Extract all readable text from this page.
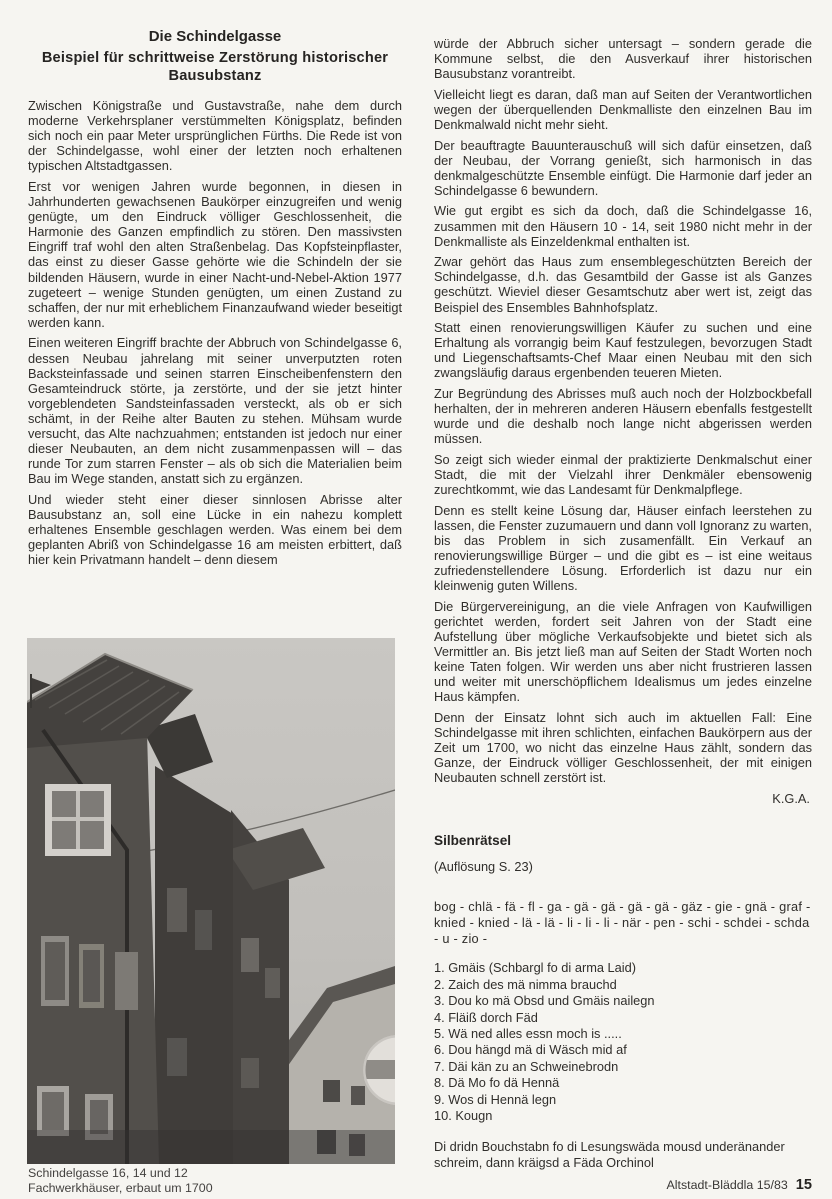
Die Schindelgasse
Beispiel für schrittweise Zerstörung historischer Bausubstanz

Zwischen Königstraße und Gustavstraße, nahe dem durch moderne Verkehrsplaner verstümmelten Königsplatz, befinden sich noch ein paar Meter ursprünglichen Fürths. Die Rede ist von der Schindelgasse, wohl einer der letzten noch erhaltenen typischen Altstadtgassen.

Erst vor wenigen Jahren wurde begonnen, in diesen in Jahrhunderten gewachsenen Baukörper einzugreifen und wenig genügte, um den Eindruck völliger Geschlossenheit, die Harmonie des Ganzen empfindlich zu stören. Den massivsten Eingriff traf wohl den alten Straßenbelag. Das Kopfsteinpflaster, das einst zu dieser Gasse gehörte wie die Schindeln der sie bildenden Häusern, wurde in einer Nacht-und-Nebel-Aktion 1977 zugeteert – wenige Stunden genügten, um einen Zustand zu schaffen, der nur mit erheblichem Finanzaufwand wieder beseitigt werden kann.

Einen weiteren Eingriff brachte der Abbruch von Schindelgasse 6, dessen Neubau jahrelang mit seiner unverputzten roten Backsteinfassade und seinen starren Einscheibenfenstern den Gesamteindruck störte, ja zerstörte, und der sie jetzt hinter vorgeblendeten Sandsteinfassaden versteckt, als ob er sich schämt, in der Reihe alter Bauten zu stehen. Mühsam wurde versucht, das Alte nachzuahmen; entstanden ist jedoch nur einer dieser Neubauten, an dem nicht zusammenpassen will – das runde Tor zum starren Fenster – als ob sich die Materialien beim Bau im Wege standen, anstatt sich zu ergänzen.

Und wieder steht einer dieser sinnlosen Abrisse alter Bausubstanz an, soll eine Lücke in ein nahezu komplett erhaltenes Ensemble geschlagen werden. Was einem bei dem geplanten Abriß von Schindelgasse 16 am meisten erbittert, daß hier kein Privatmann handelt – denn diesem

würde der Abbruch sicher untersagt – sondern gerade die Kommune selbst, die den Ausverkauf ihrer historischen Bausubstanz vorantreibt.

Vielleicht liegt es daran, daß man auf Seiten der Verantwortlichen wegen der überquellenden Denkmalliste den einzelnen Bau im Denkmalwald nicht mehr sieht.

Der beauftragte Bauunterauschuß will sich dafür einsetzen, daß der Neubau, der Vorrang genießt, sich harmonisch in das denkmalgeschützte Ensemble einfügt. Die Harmonie darf jeder an Schindelgasse 6 bewundern.

Wie gut ergibt es sich da doch, daß die Schindelgasse 16, zusammen mit den Häusern 10 - 14, seit 1980 nicht mehr in der Denkmalliste als Einzeldenkmal enthalten ist.

Zwar gehört das Haus zum ensemblegeschützten Bereich der Schindelgasse, d.h. das Gesamtbild der Gasse ist als Ganzes geschützt. Wieviel dieser Gesamtschutz aber wert ist, zeigt das Beispiel des Ensembles Bahnhofsplatz.

Statt einen renovierungswilligen Käufer zu suchen und eine Erhaltung als vorrangig beim Kauf festzulegen, bevorzugen Stadt und Liegenschaftsamts-Chef Maar einen Neubau mit den sich zwangsläufig daraus ergenbenden teueren Mieten.

Zur Begründung des Abrisses muß auch noch der Holzbockbefall herhalten, der in mehreren anderen Häusern ebenfalls festgestellt wurde und die deshalb noch lange nicht abgerissen werden müssen.

So zeigt sich wieder einmal der praktizierte Denkmalschut einer Stadt, die mit der Vielzahl ihrer Denkmäler ebensowenig zurechtkommt, wie das Landesamt für Denkmalpflege.

Denn es stellt keine Lösung dar, Häuser einfach leerstehen zu lassen, die Fenster zuzumauern und dann voll Ignoranz zu warten, bis das Problem in sich zusamenfällt. Ein Verkauf an renovierungswillige Bürger – und die gibt es – ist eine weitaus zufriedenstellendere Lösung. Erforderlich ist dazu nur ein kleinwenig guten Willens.

Die Bürgervereinigung, an die viele Anfragen von Kaufwilligen gerichtet werden, fordert seit Jahren von der Stadt eine Aufstellung über mögliche Verkaufsobjekte und bietet sich als Vermittler an. Bis jetzt ließ man auf Seiten der Stadt Worten noch keine Taten folgen. Wir werden uns aber nicht frustrieren lassen und weiter mit unerschöpflichem Idealismus um jedes einzelne Haus kämpfen.

Denn der Einsatz lohnt sich auch im aktuellen Fall: Eine Schindelgasse mit ihren schlichten, einfachen Baukörpern aus der Zeit um 1700, wo nicht das einzelne Haus zählt, sondern das Ganze, der Eindruck völliger Geschlossenheit, der mit einigen Neubauten schnell zerstört ist.

K.G.A.
Silbenrätsel
(Auflösung S. 23)
bog - chlä - fä - fl - ga - gä - gä - gä - gä - gäz - gie - gnä - graf - knied - knied - lä - lä - li - li - li - när - pen - schi - schdei - schda - u - zio -
1. Gmäis (Schbargl fo di arma Laid)
2. Zaich des mä nimma brauchd
3. Dou ko mä Obsd und Gmäis nailegn
4. Fläiß dorch Fäd
5. Wä ned alles essn moch is .....
6. Dou hängd mä di Wäsch mid af
7. Däi kän zu an Schweinebrodn
8. Dä Mo fo dä Hennä
9. Wos di Hennä legn
10. Kougn
Di dridn Bouchstabn fo di Lesungswäda mousd underänander schreim, dann kräigsd a Fäda Orchinol
Schindelgasse 16, 14 und 12
Fachwerkhäuser, erbaut um 1700	Altstadt-Bläddla 15/83 15
